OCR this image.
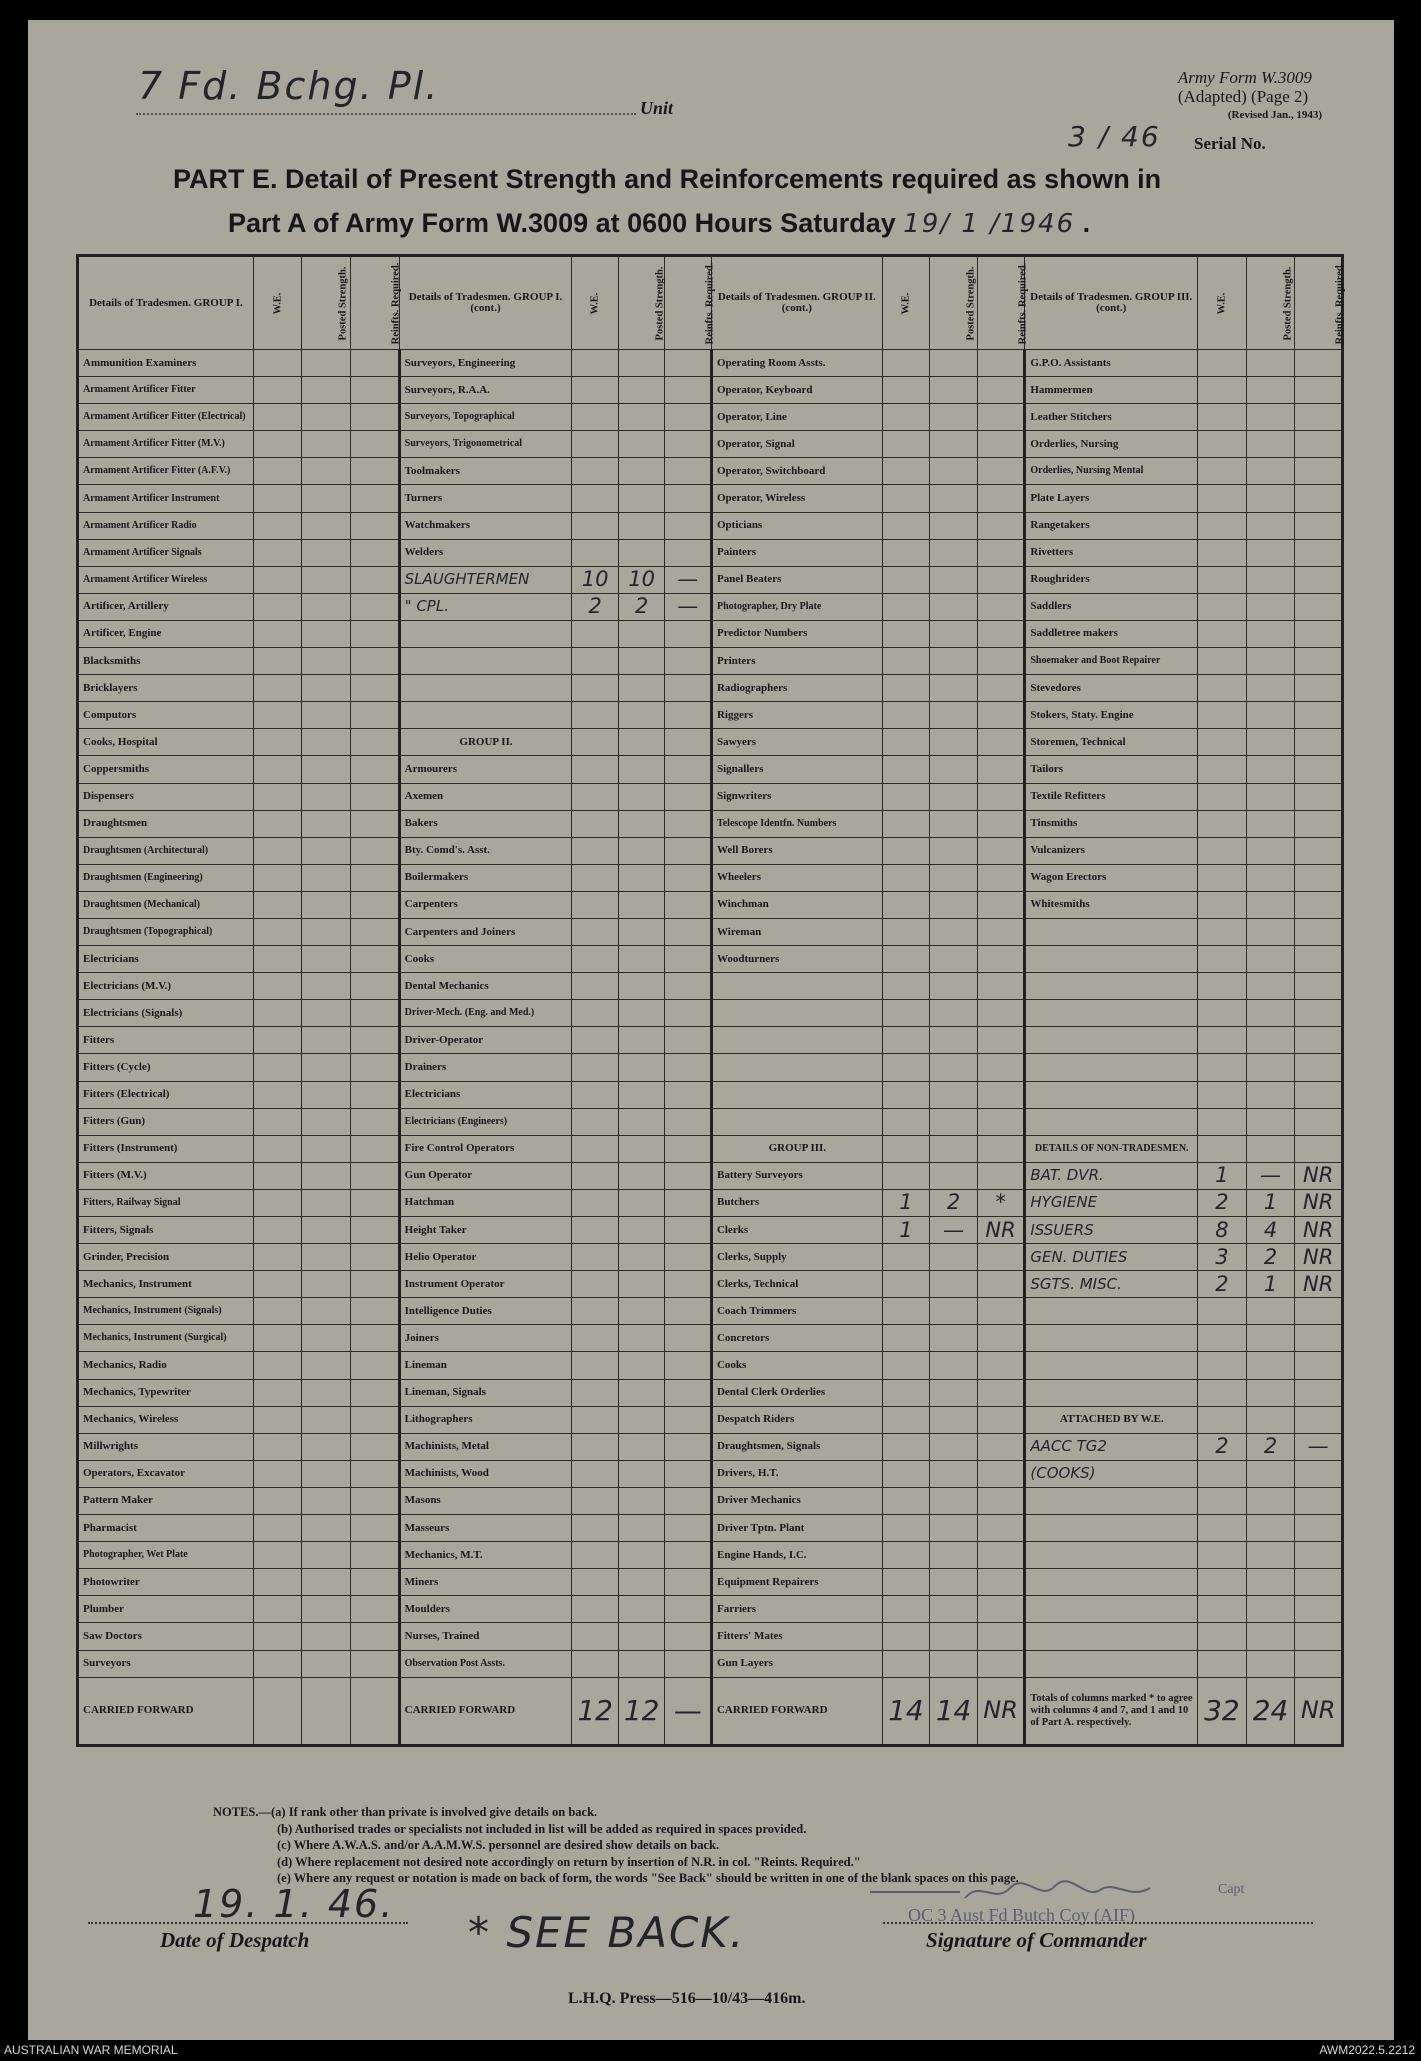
7 Fd. Bchg. Pl.	Unit
Army Form W.3009
(Adapted) (Page 2)
(Revised Jan., 1943)
3 / 46 Serial No.
PART E. Detail of Present Strength and Reinforcements required as shown in
Part A of Army Form W.3009 at 0600 Hours Saturday 19/ 1 /1946 .
Details of Tradesmen. GROUP I.	W.E.	Posted Strength.	Reinfts. Required.	Details of Tradesmen. GROUP I. (cont.)	W.E.	Posted Strength.	Reinfts. Required.	Details of Tradesmen. GROUP II. (cont.)	W.E.	Posted Strength.	Reinfts. Required.	Details of Tradesmen. GROUP III. (cont.)	W.E.	Posted Strength.	Reinfts. Required.
Ammunition Examiners				Surveyors, Engineering				Operating Room Assts.				G.P.O. Assistants			
Armament Artificer Fitter				Surveyors, R.A.A.				Operator, Keyboard				Hammermen			
Armament Artificer Fitter (Electrical)				Surveyors, Topographical				Operator, Line				Leather Stitchers			
Armament Artificer Fitter (M.V.)				Surveyors, Trigonometrical				Operator, Signal				Orderlies, Nursing			
Armament Artificer Fitter (A.F.V.)				Toolmakers				Operator, Switchboard				Orderlies, Nursing Mental			
Armament Artificer Instrument				Turners				Operator, Wireless				Plate Layers			
Armament Artificer Radio				Watchmakers				Opticians				Rangetakers			
Armament Artificer Signals				Welders				Painters				Rivetters			
Armament Artificer Wireless				SLAUGHTERMEN	10	10	—	Panel Beaters				Roughriders			
Artificer, Artillery				" CPL.	2	2	—	Photographer, Dry Plate				Saddlers			
Artificer, Engine								Predictor Numbers				Saddletree makers			
Blacksmiths								Printers				Shoemaker and Boot Repairer			
Bricklayers								Radiographers				Stevedores			
Computors								Riggers				Stokers, Staty. Engine			
Cooks, Hospital				GROUP II.				Sawyers				Storemen, Technical			
Coppersmiths				Armourers				Signallers				Tailors			
Dispensers				Axemen				Signwriters				Textile Refitters			
Draughtsmen				Bakers				Telescope Identfn. Numbers				Tinsmiths			
Draughtsmen (Architectural)				Bty. Comd's. Asst.				Well Borers				Vulcanizers			
Draughtsmen (Engineering)				Boilermakers				Wheelers				Wagon Erectors			
Draughtsmen (Mechanical)				Carpenters				Winchman				Whitesmiths			
Draughtsmen (Topographical)				Carpenters and Joiners				Wireman							
Electricians				Cooks				Woodturners							
Electricians (M.V.)				Dental Mechanics											
Electricians (Signals)				Driver-Mech. (Eng. and Med.)											
Fitters				Driver-Operator											
Fitters (Cycle)				Drainers											
Fitters (Electrical)				Electricians											
Fitters (Gun)				Electricians (Engineers)											
Fitters (Instrument)				Fire Control Operators				GROUP III.				DETAILS OF NON-TRADESMEN.			
Fitters (M.V.)				Gun Operator				Battery Surveyors				BAT. DVR.	1	—	NR
Fitters, Railway Signal				Hatchman				Butchers	1	2	*	HYGIENE	2	1	NR
Fitters, Signals				Height Taker				Clerks	1	—	NR	ISSUERS	8	4	NR
Grinder, Precision				Helio Operator				Clerks, Supply				GEN. DUTIES	3	2	NR
Mechanics, Instrument				Instrument Operator				Clerks, Technical				SGTS. MISC.	2	1	NR
Mechanics, Instrument (Signals)				Intelligence Duties				Coach Trimmers							
Mechanics, Instrument (Surgical)				Joiners				Concretors							
Mechanics, Radio				Lineman				Cooks							
Mechanics, Typewriter				Lineman, Signals				Dental Clerk Orderlies							
Mechanics, Wireless				Lithographers				Despatch Riders				ATTACHED BY W.E.			
Millwrights				Machinists, Metal				Draughtsmen, Signals				AACC TG2	2	2	—
Operators, Excavator				Machinists, Wood				Drivers, H.T.				(COOKS)			
Pattern Maker				Masons				Driver Mechanics							
Pharmacist				Masseurs				Driver Tptn. Plant							
Photographer, Wet Plate				Mechanics, M.T.				Engine Hands, I.C.							
Photowriter				Miners				Equipment Repairers							
Plumber				Moulders				Farriers							
Saw Doctors				Nurses, Trained				Fitters' Mates							
Surveyors				Observation Post Assts.				Gun Layers							
CARRIED FORWARD				CARRIED FORWARD	12	12	—	CARRIED FORWARD	14	14	NR	Totals of columns marked * to agree with columns 4 and 7, and 1 and 10 of Part A. respectively.	32	24	NR
NOTES.—(a) If rank other than private is involved give details on back.
(b) Authorised trades or specialists not included in list will be added as required in spaces provided.
(c) Where A.W.A.S. and/or A.A.M.W.S. personnel are desired show details on back.
(d) Where replacement not desired note accordingly on return by insertion of N.R. in col. "Reints. Required."
(e) Where any request or notation is made on back of form, the words "See Back" should be written in one of the blank spaces on this page.
19. 1. 46.
Date of Despatch	* SEE BACK.
Capt
OC 3 Aust Fd Butch Coy (AIF)
Signature of Commander
L.H.Q. Press—516—10/43—416m.
AUSTRALIAN WAR MEMORIAL	AWM2022.5.2212
